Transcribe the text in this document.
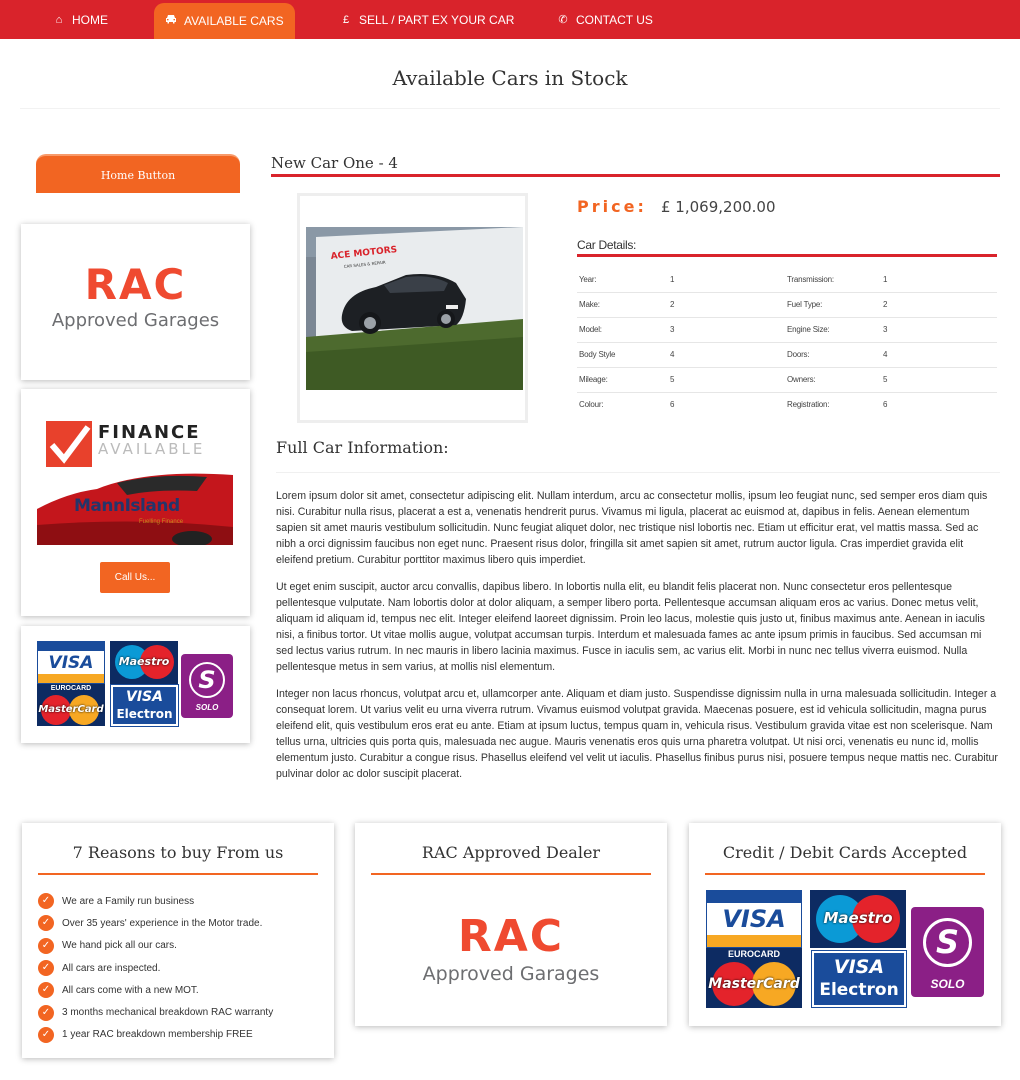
⌂ HOME	AVAILABLE CARS	£ SELL / PART EX YOUR CAR	✆ CONTACT US
Available Cars in Stock
Home Button
RAC
Approved Garages
FINANCE
AVAILABLE
MannIsland
Fuelling Finance
Call Us...
VISA
EUROCARD
MasterCard
Maestro
VISA
Electron
S
SOLO
New Car One - 4
ACE MOTORS
CAR SALES & REPAIR
Price: £ 1,069,200.00
Car Details:
Year:	1	Transmission:	1
Make:	2	Fuel Type:	2
Model:	3	Engine Size:	3
Body Style	4	Doors:	4
Mileage:	5	Owners:	5
Colour:	6	Registration:	6
Full Car Information:

Lorem ipsum dolor sit amet, consectetur adipiscing elit. Nullam interdum, arcu ac consectetur mollis, ipsum leo feugiat nunc, sed semper eros diam quis nisi. Curabitur nulla risus, placerat a est a, venenatis hendrerit purus. Vivamus mi ligula, placerat ac euismod at, dapibus in felis. Aenean elementum sapien sit amet mauris vestibulum sollicitudin. Nunc feugiat aliquet dolor, nec tristique nisl lobortis nec. Etiam ut efficitur erat, vel mattis massa. Sed ac nibh a orci dignissim faucibus non eget nunc. Praesent risus dolor, fringilla sit amet sapien sit amet, rutrum auctor ligula. Cras imperdiet gravida elit eleifend pretium. Curabitur porttitor maximus libero quis imperdiet.

Ut eget enim suscipit, auctor arcu convallis, dapibus libero. In lobortis nulla elit, eu blandit felis placerat non. Nunc consectetur eros pellentesque pellentesque vulputate. Nam lobortis dolor at dolor aliquam, a semper libero porta. Pellentesque accumsan aliquam eros ac varius. Donec metus velit, aliquam id aliquam id, tempus nec elit. Integer eleifend laoreet dignissim. Proin leo lacus, molestie quis justo ut, finibus maximus ante. Aenean in iaculis nisi, a finibus tortor. Ut vitae mollis augue, volutpat accumsan turpis. Interdum et malesuada fames ac ante ipsum primis in faucibus. Sed accumsan mi sed lectus varius rutrum. In nec mauris in libero lacinia maximus. Fusce in iaculis sem, ac varius elit. Morbi in nunc nec tellus viverra euismod. Nulla pellentesque metus in sem varius, at mollis nisl elementum.

Integer non lacus rhoncus, volutpat arcu et, ullamcorper ante. Aliquam et diam justo. Suspendisse dignissim nulla in urna malesuada sollicitudin. Integer a consequat lorem. Ut varius velit eu urna viverra rutrum. Vivamus euismod volutpat gravida. Maecenas posuere, est id vehicula sollicitudin, magna purus eleifend elit, quis vestibulum eros erat eu ante. Etiam at ipsum luctus, tempus quam in, vehicula risus. Vestibulum gravida vitae est non scelerisque. Nam tellus urna, ultricies quis porta quis, malesuada nec augue. Mauris venenatis eros quis urna pharetra volutpat. Ut nisi orci, venenatis eu nunc id, mollis elementum justo. Curabitur a congue risus. Phasellus eleifend vel velit ut iaculis. Phasellus finibus purus nisi, posuere tempus neque mattis nec. Curabitur pulvinar dolor ac dolor suscipit placerat.

7 Reasons to buy From us
✓	We are a Family run business
✓	Over 35 years' experience in the Motor trade.
✓	We hand pick all our cars.
✓	All cars are inspected.
✓	All cars come with a new MOT.
✓	3 months mechanical breakdown RAC warranty
✓	1 year RAC breakdown membership FREE
RAC Approved Dealer
RAC
Approved Garages
Credit / Debit Cards Accepted
VISA
EUROCARD
MasterCard
Maestro
VISA
Electron
S
SOLO
